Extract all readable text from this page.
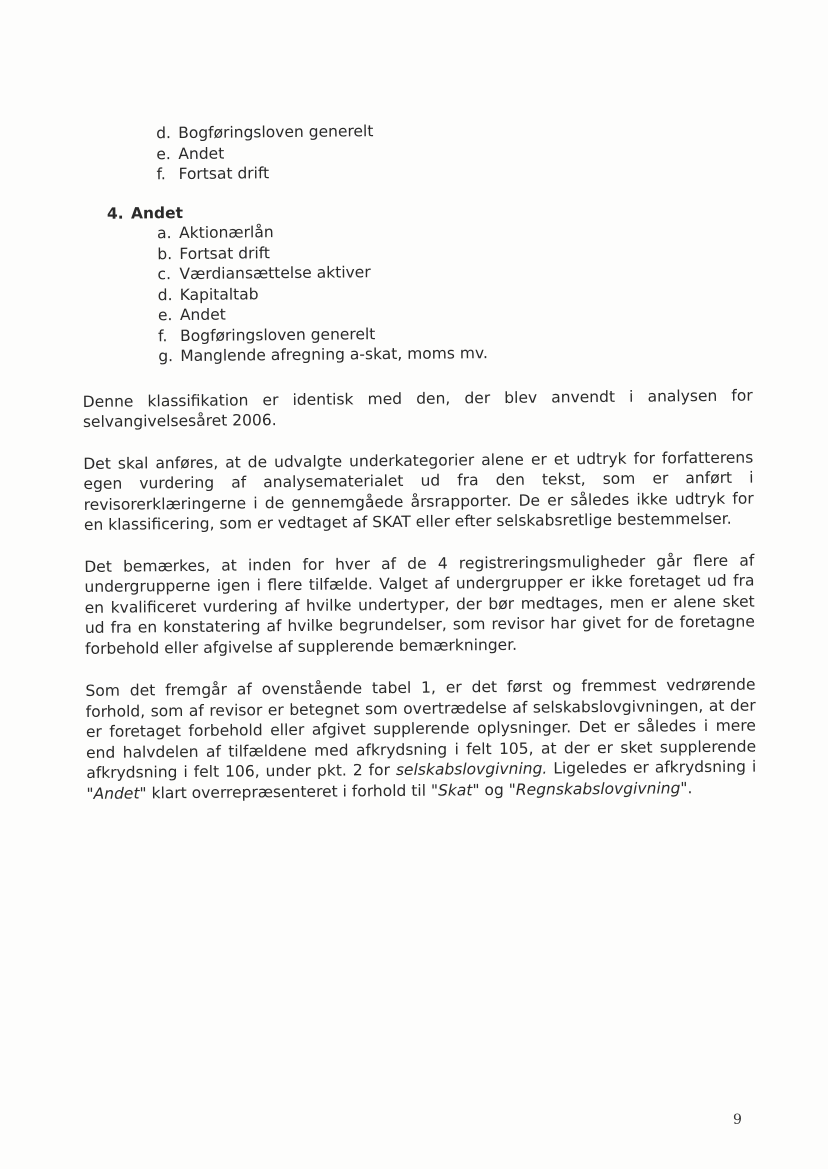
d. Bogføringsloven generelt
e. Andet
f. Fortsat drift
4. Andet
a. Aktionærlån
b. Fortsat drift
c. Værdiansættelse aktiver
d. Kapitaltab
e. Andet
f. Bogføringsloven generelt
g. Manglende afregning a-skat, moms mv.

Denne klassifikation er identisk med den, der blev anvendt i analysen for selvangivelsesåret 2006.

Det skal anføres, at de udvalgte underkategorier alene er et udtryk for forfatterens egen vurdering af analysematerialet ud fra den tekst, som er anført i revisorerklæringerne i de gennemgåede årsrapporter. De er således ikke udtryk for en klassificering, som er vedtaget af SKAT eller efter selskabsretlige bestemmelser.

Det bemærkes, at inden for hver af de 4 registreringsmuligheder går flere af undergrupperne igen i flere tilfælde. Valget af undergrupper er ikke foretaget ud fra en kvalificeret vurdering af hvilke undertyper, der bør medtages, men er alene sket ud fra en konstatering af hvilke begrundelser, som revisor har givet for de foretagne forbehold eller afgivelse af supplerende bemærkninger.

Som det fremgår af ovenstående tabel 1, er det først og fremmest vedrørende forhold, som af revisor er betegnet som overtrædelse af selskabslovgivningen, at der er foretaget forbehold eller afgivet supplerende oplysninger. Det er således i mere end halvdelen af tilfældene med afkrydsning i felt 105, at der er sket supplerende afkrydsning i felt 106, under pkt. 2 for selskabslovgivning. Ligeledes er afkrydsning i "Andet" klart overrepræsenteret i forhold til "Skat" og "Regnskabslovgivning".

9
